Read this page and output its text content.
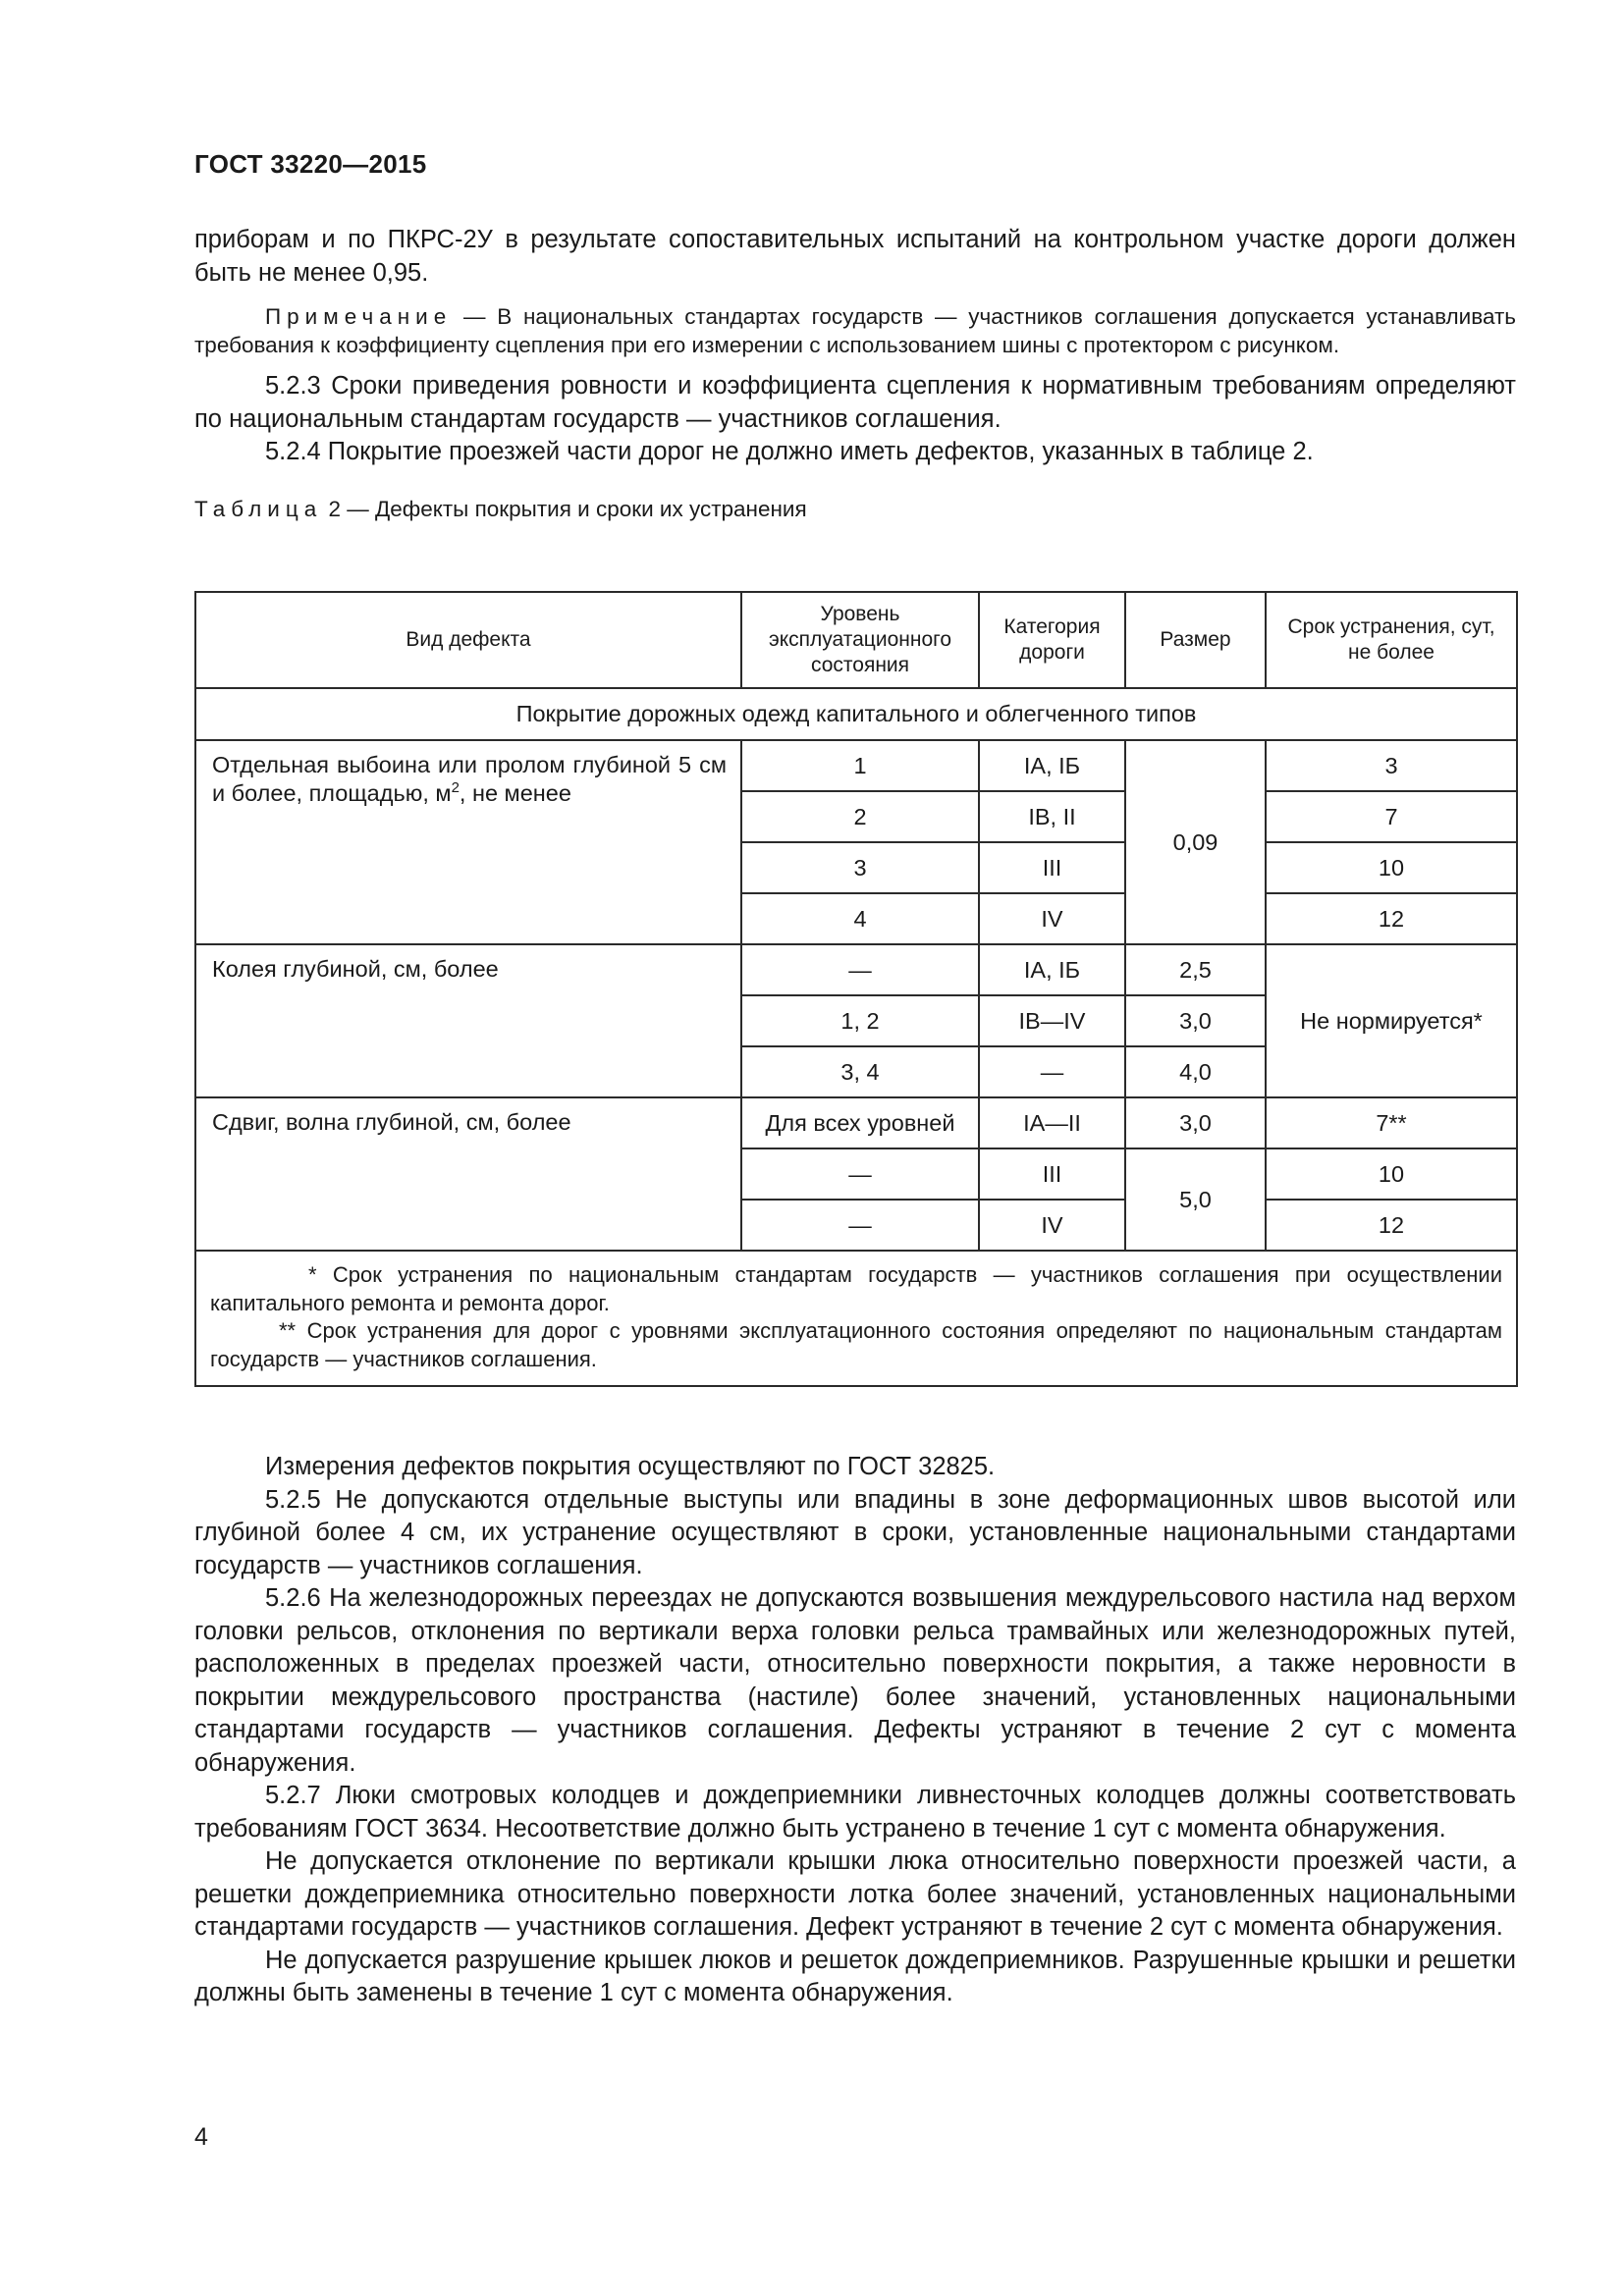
ГОСТ 33220—2015

приборам и по ПКРС-2У в результате сопоставительных испытаний на контрольном участке дороги должен быть не менее 0,95.

Примечание — В национальных стандартах государств — участников соглашения допускается устанавливать требования к коэффициенту сцепления при его измерении с использованием шины с протектором с рисунком.

5.2.3 Сроки приведения ровности и коэффициента сцепления к нормативным требованиям определяют по национальным стандартам государств — участников соглашения.

5.2.4 Покрытие проезжей части дорог не должно иметь дефектов, указанных в таблице 2.

Таблица 2 — Дефекты покрытия и сроки их устранения

Вид дефекта	Уровень эксплуатационного состояния	Категория дороги	Размер	Срок устранения, сут, не более
Покрытие дорожных одежд капитального и облегченного типов				
Отдельная выбоина или пролом глубиной 5 см и более, площадью, $м^2$, не менее	1	IА, IБ	0,09	3
	2	IВ, II		7
	3	III		10
	4	IV		12
Колея глубиной, см, более	—	IА, IБ	2,5	Не нормируется*
	1, 2	IВ—IV	3,0	
	3, 4	—	4,0	
Сдвиг, волна глубиной, см, более	Для всех уровней	IА—II	3,0	7**
	—	III	5,0	10
	—	IV		12

* Срок устранения по национальным стандартам государств — участников соглашения при осуществлении капитального ремонта и ремонта дорог.
** Срок устранения для дорог с уровнями эксплуатационного состояния определяют по национальным стандартам государств — участников соглашения.				

Измерения дефектов покрытия осуществляют по ГОСТ 32825.

5.2.5 Не допускаются отдельные выступы или впадины в зоне деформационных швов высотой или глубиной более 4 см, их устранение осуществляют в сроки, установленные национальными стандартами государств — участников соглашения.

5.2.6 На железнодорожных переездах не допускаются возвышения междурельсового настила над верхом головки рельсов, отклонения по вертикали верха головки рельса трамвайных или железнодорожных путей, расположенных в пределах проезжей части, относительно поверхности покрытия, а также неровности в покрытии междурельсового пространства (настиле) более значений, установленных национальными стандартами государств — участников соглашения. Дефекты устраняют в течение 2 сут с момента обнаружения.

5.2.7 Люки смотровых колодцев и дождеприемники ливнесточных колодцев должны соответствовать требованиям ГОСТ 3634. Несоответствие должно быть устранено в течение 1 сут с момента обнаружения.

Не допускается отклонение по вертикали крышки люка относительно поверхности проезжей части, а решетки дождеприемника относительно поверхности лотка более значений, установленных национальными стандартами государств — участников соглашения. Дефект устраняют в течение 2 сут с момента обнаружения.

Не допускается разрушение крышек люков и решеток дождеприемников. Разрушенные крышки и решетки должны быть заменены в течение 1 сут с момента обнаружения.

4
